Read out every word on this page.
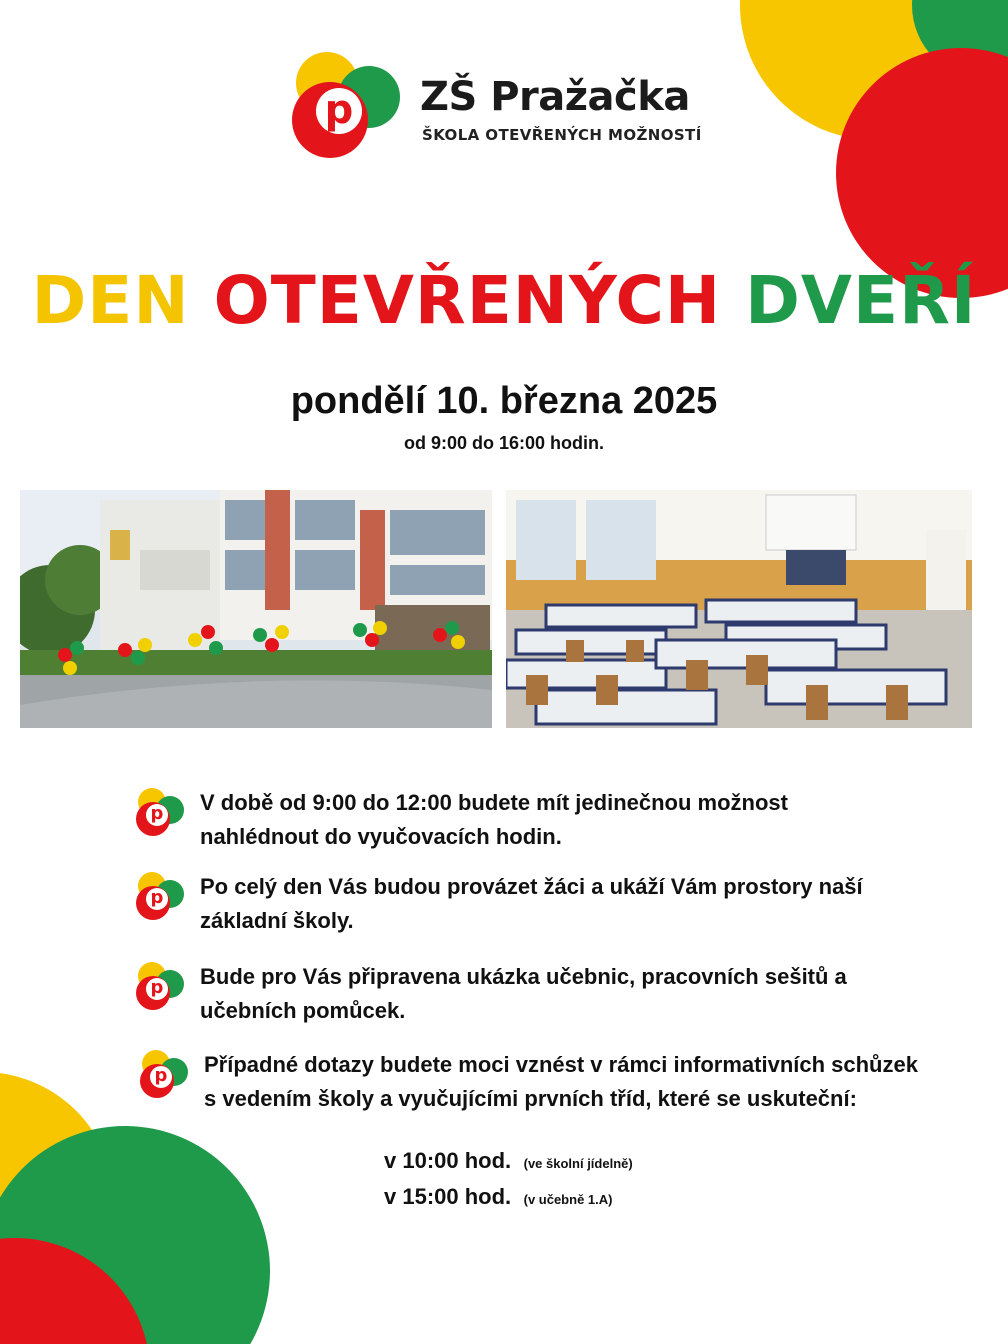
p ZŠ Pražačka
ŠKOLA OTEVŘENÝCH MOŽNOSTÍ
DEN OTEVŘENÝCH DVEŘÍ
pondělí 10. března 2025
od 9:00 do 16:00 hodin.
p V době od 9:00 do 12:00 budete mít jedinečnou možnost
nahlédnout do vyučovacích hodin.
p Po celý den Vás budou provázet žáci a ukáží Vám prostory naší
základní školy.
p Bude pro Vás připravena ukázka učebnic, pracovních sešitů a
učebních pomůcek.
p Případné dotazy budete moci vznést v rámci informativních schůzek
s vedením školy a vyučujícími prvních tříd, které se uskuteční:
v 10:00 hod. (ve školní jídelně)
v 15:00 hod. (v učebně 1.A)
